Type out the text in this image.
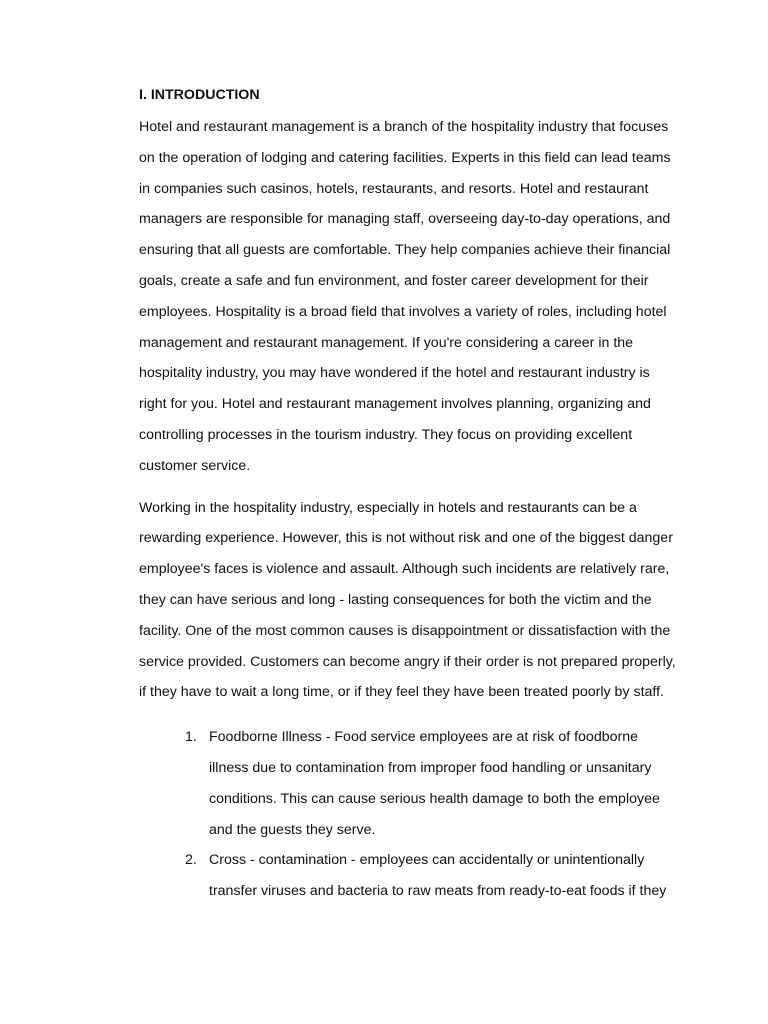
I. INTRODUCTION

Hotel and restaurant management is a branch of the hospitality industry that focuses on the operation of lodging and catering facilities. Experts in this field can lead teams in companies such casinos, hotels, restaurants, and resorts. Hotel and restaurant managers are responsible for managing staff, overseeing day-to-day operations, and ensuring that all guests are comfortable. They help companies achieve their financial goals, create a safe and fun environment, and foster career development for their employees. Hospitality is a broad field that involves a variety of roles, including hotel management and restaurant management. If you're considering a career in the hospitality industry, you may have wondered if the hotel and restaurant industry is right for you. Hotel and restaurant management involves planning, organizing and controlling processes in the tourism industry. They focus on providing excellent customer service.

Working in the hospitality industry, especially in hotels and restaurants can be a rewarding experience. However, this is not without risk and one of the biggest danger employee's faces is violence and assault. Although such incidents are relatively rare, they can have serious and long - lasting consequences for both the victim and the facility. One of the most common causes is disappointment or dissatisfaction with the service provided. Customers can become angry if their order is not prepared properly, if they have to wait a long time, or if they feel they have been treated poorly by staff.

1. Foodborne Illness - Food service employees are at risk of foodborne illness due to contamination from improper food handling or unsanitary conditions. This can cause serious health damage to both the employee and the guests they serve.
2. Cross - contamination - employees can accidentally or unintentionally transfer viruses and bacteria to raw meats from ready-to-eat foods if they
